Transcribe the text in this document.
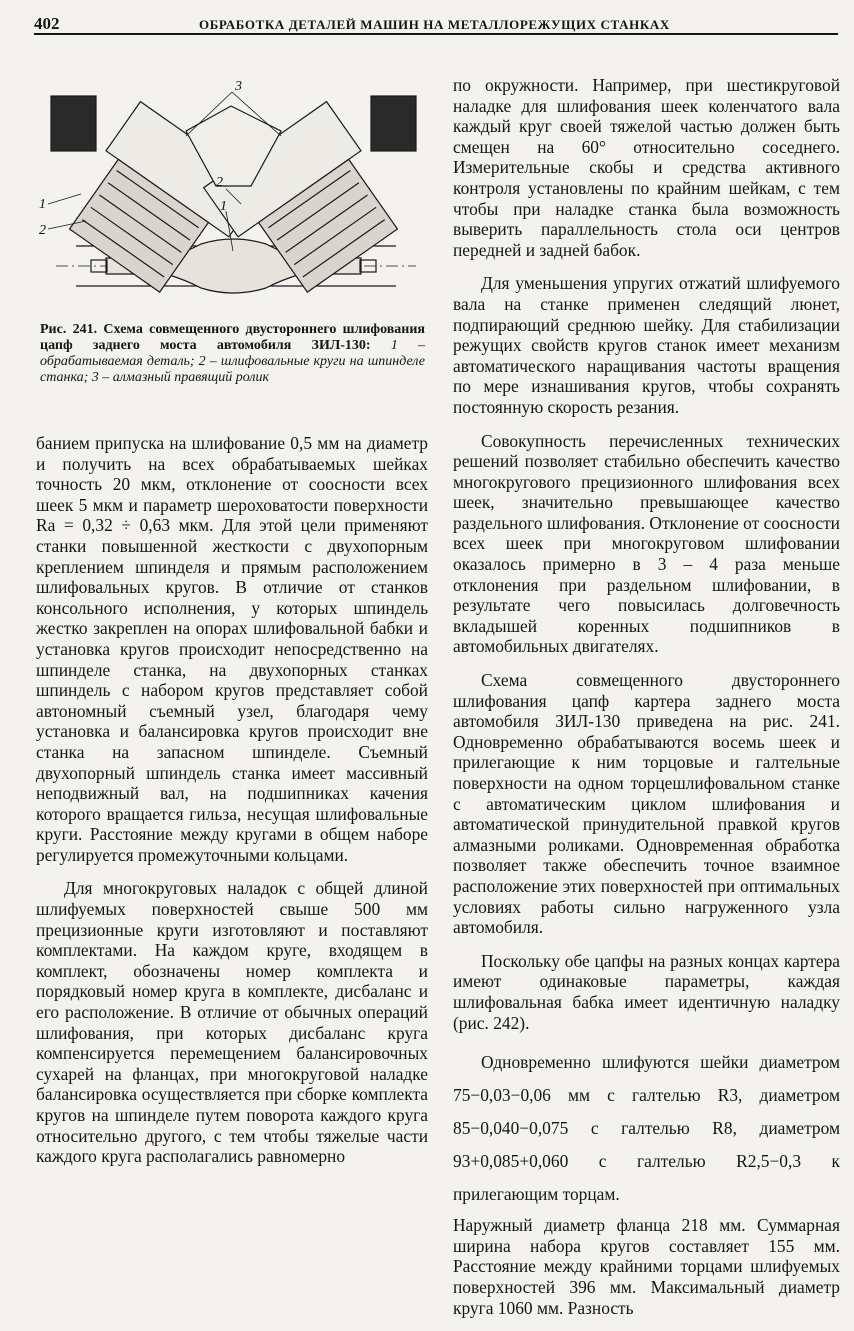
402	ОБРАБОТКА ДЕТАЛЕЙ МАШИН НА МЕТАЛЛОРЕЖУЩИХ СТАНКАХ
3
2
1
1
2
Рис. 241. Схема совмещенного двустороннего шлифования цапф заднего моста автомобиля ЗИЛ-130: 1 – обрабатываемая деталь; 2 – шлифовальные круги на шпинделе станка; 3 – алмазный правящий ролик

банием припуска на шлифование 0,5 мм на диаметр и получить на всех обрабатываемых шейках точность 20 мкм, отклонение от соосности всех шеек 5 мкм и параметр шероховатости поверхности Ra = 0,32 ÷ 0,63 мкм. Для этой цели применяют станки повышенной жесткости с двухопорным креплением шпинделя и прямым расположением шлифовальных кругов. В отличие от станков консольного исполнения, у которых шпиндель жестко закреплен на опорах шлифовальной бабки и установка кругов происходит непосредственно на шпинделе станка, на двухопорных станках шпиндель с набором кругов представляет собой автономный съемный узел, благодаря чему установка и балансировка кругов происходит вне станка на запасном шпинделе. Съемный двухопорный шпиндель станка имеет массивный неподвижный вал, на подшипниках качения которого вращается гильза, несущая шлифовальные круги. Расстояние между кругами в общем наборе регулируется промежуточными кольцами.

Для многокруговых наладок с общей длиной шлифуемых поверхностей свыше 500 мм прецизионные круги изготовляют и поставляют комплектами. На каждом круге, входящем в комплект, обозначены номер комплекта и порядковый номер круга в комплекте, дисбаланс и его расположение. В отличие от обычных операций шлифования, при которых дисбаланс круга компенсируется перемещением балансировочных сухарей на фланцах, при многокруговой наладке балансировка осуществляется при сборке комплекта кругов на шпинделе путем поворота каждого круга относительно другого, с тем чтобы тяжелые части каждого круга располагались равномерно

по окружности. Например, при шестикруговой наладке для шлифования шеек коленчатого вала каждый круг своей тяжелой частью должен быть смещен на 60° относительно соседнего. Измерительные скобы и средства активного контроля установлены по крайним шейкам, с тем чтобы при наладке станка была возможность выверить параллельность стола оси центров передней и задней бабок.

Для уменьшения упругих отжатий шлифуемого вала на станке применен следящий люнет, подпирающий среднюю шейку. Для стабилизации режущих свойств кругов станок имеет механизм автоматического наращивания частоты вращения по мере изнашивания кругов, чтобы сохранять постоянную скорость резания.

Совокупность перечисленных технических решений позволяет стабильно обеспечить качество многокругового прецизионного шлифования всех шеек, значительно превышающее качество раздельного шлифования. Отклонение от соосности всех шеек при многокруговом шлифовании оказалось примерно в 3 – 4 раза меньше отклонения при раздельном шлифовании, в результате чего повысилась долговечность вкладышей коренных подшипников в автомобильных двигателях.

Схема совмещенного двустороннего шлифования цапф картера заднего моста автомобиля ЗИЛ-130 приведена на рис. 241. Одновременно обрабатываются восемь шеек и прилегающие к ним торцовые и галтельные поверхности на одном торцешлифовальном станке с автоматическим циклом шлифования и автоматической принудительной правкой кругов алмазными роликами. Одновременная обработка позволяет также обеспечить точное взаимное расположение этих поверхностей при оптимальных условиях работы сильно нагруженного узла автомобиля.

Поскольку обе цапфы на разных концах картера имеют одинаковые параметры, каждая шлифовальная бабка имеет идентичную наладку (рис. 242).

Одновременно шлифуются шейки диаметром 75−0,03−0,06 мм с галтелью R3, диаметром 85−0,040−0,075 с галтелью R8, диаметром 93+0,085+0,060 с галтелью R2,5−0,3 к прилегающим торцам.

Наружный диаметр фланца 218 мм. Суммарная ширина набора кругов составляет 155 мм. Расстояние между крайними торцами шлифуемых поверхностей 396 мм. Максимальный диаметр круга 1060 мм. Разность
